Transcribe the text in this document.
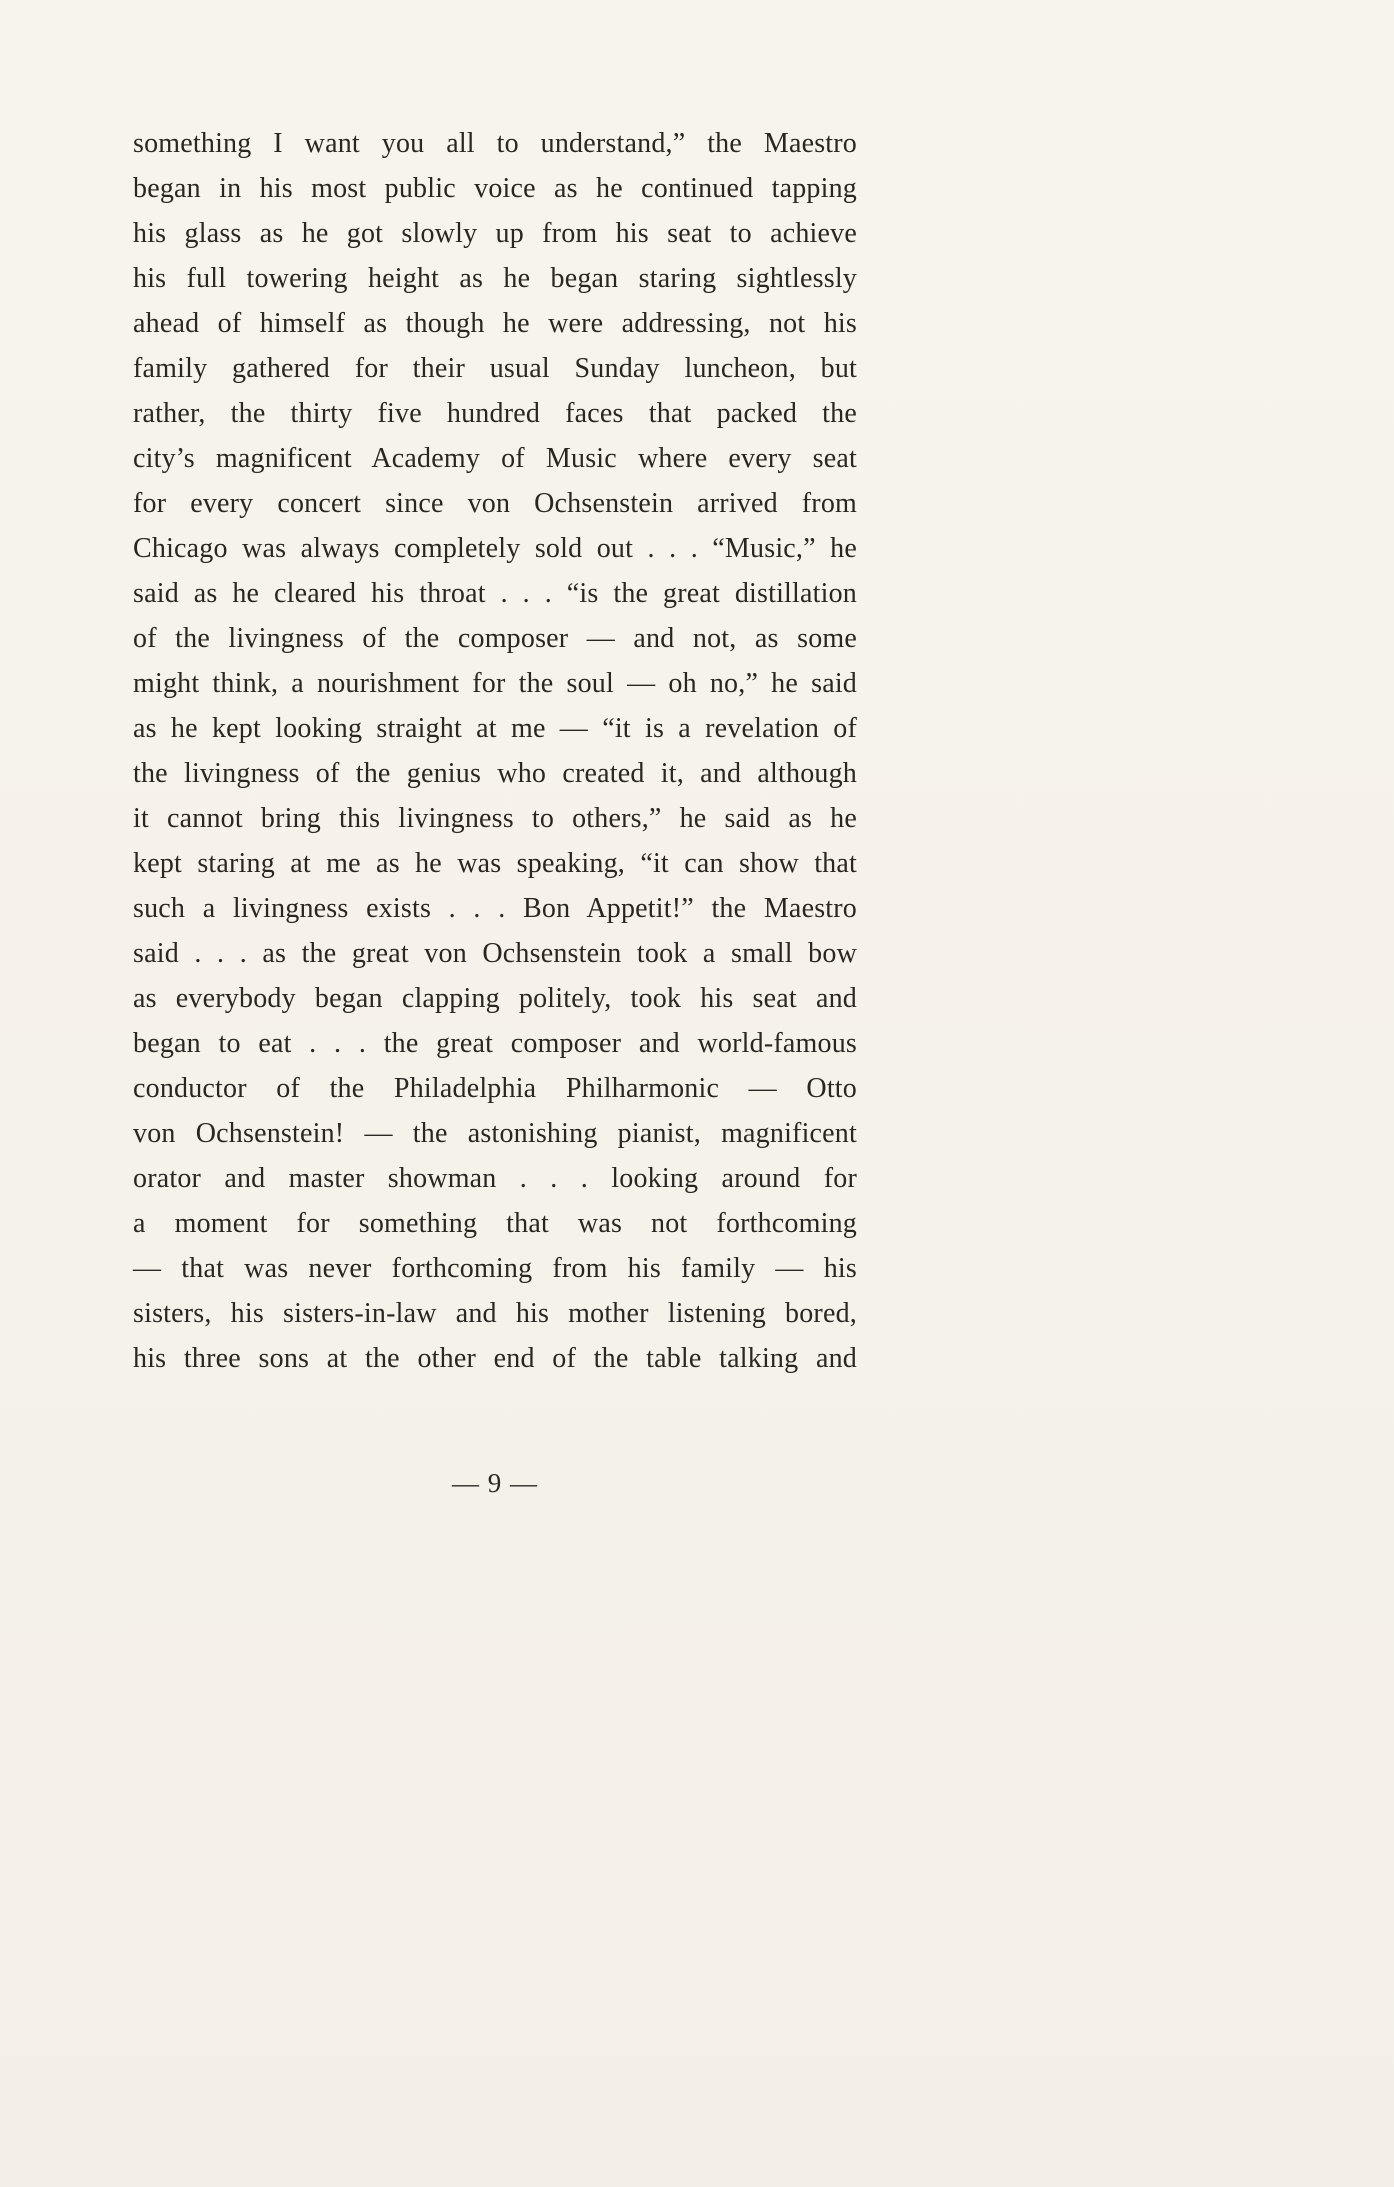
something I want you all to understand,” the Maestro
began in his most public voice as he continued tapping
his glass as he got slowly up from his seat to achieve
his full towering height as he began staring sightlessly
ahead of himself as though he were addressing, not his
family gathered for their usual Sunday luncheon, but
rather, the thirty five hundred faces that packed the
city’s magnificent Academy of Music where every seat
for every concert since von Ochsenstein arrived from
Chicago was always completely sold out . . . “Music,” he
said as he cleared his throat . . . “is the great distillation
of the livingness of the composer — and not, as some
might think, a nourishment for the soul — oh no,” he said
as he kept looking straight at me — “it is a revelation of
the livingness of the genius who created it, and although
it cannot bring this livingness to others,” he said as he
kept staring at me as he was speaking, “it can show that
such a livingness exists . . . Bon Appetit!” the Maestro
said . . . as the great von Ochsenstein took a small bow
as everybody began clapping politely, took his seat and
began to eat . . . the great composer and world-famous
conductor of the Philadelphia Philharmonic — Otto
von Ochsenstein! — the astonishing pianist, magnificent
orator and master showman . . . looking around for
a moment for something that was not forthcoming
— that was never forthcoming from his family — his
sisters, his sisters-in-law and his mother listening bored,
his three sons at the other end of the table talking and
— 9 —
